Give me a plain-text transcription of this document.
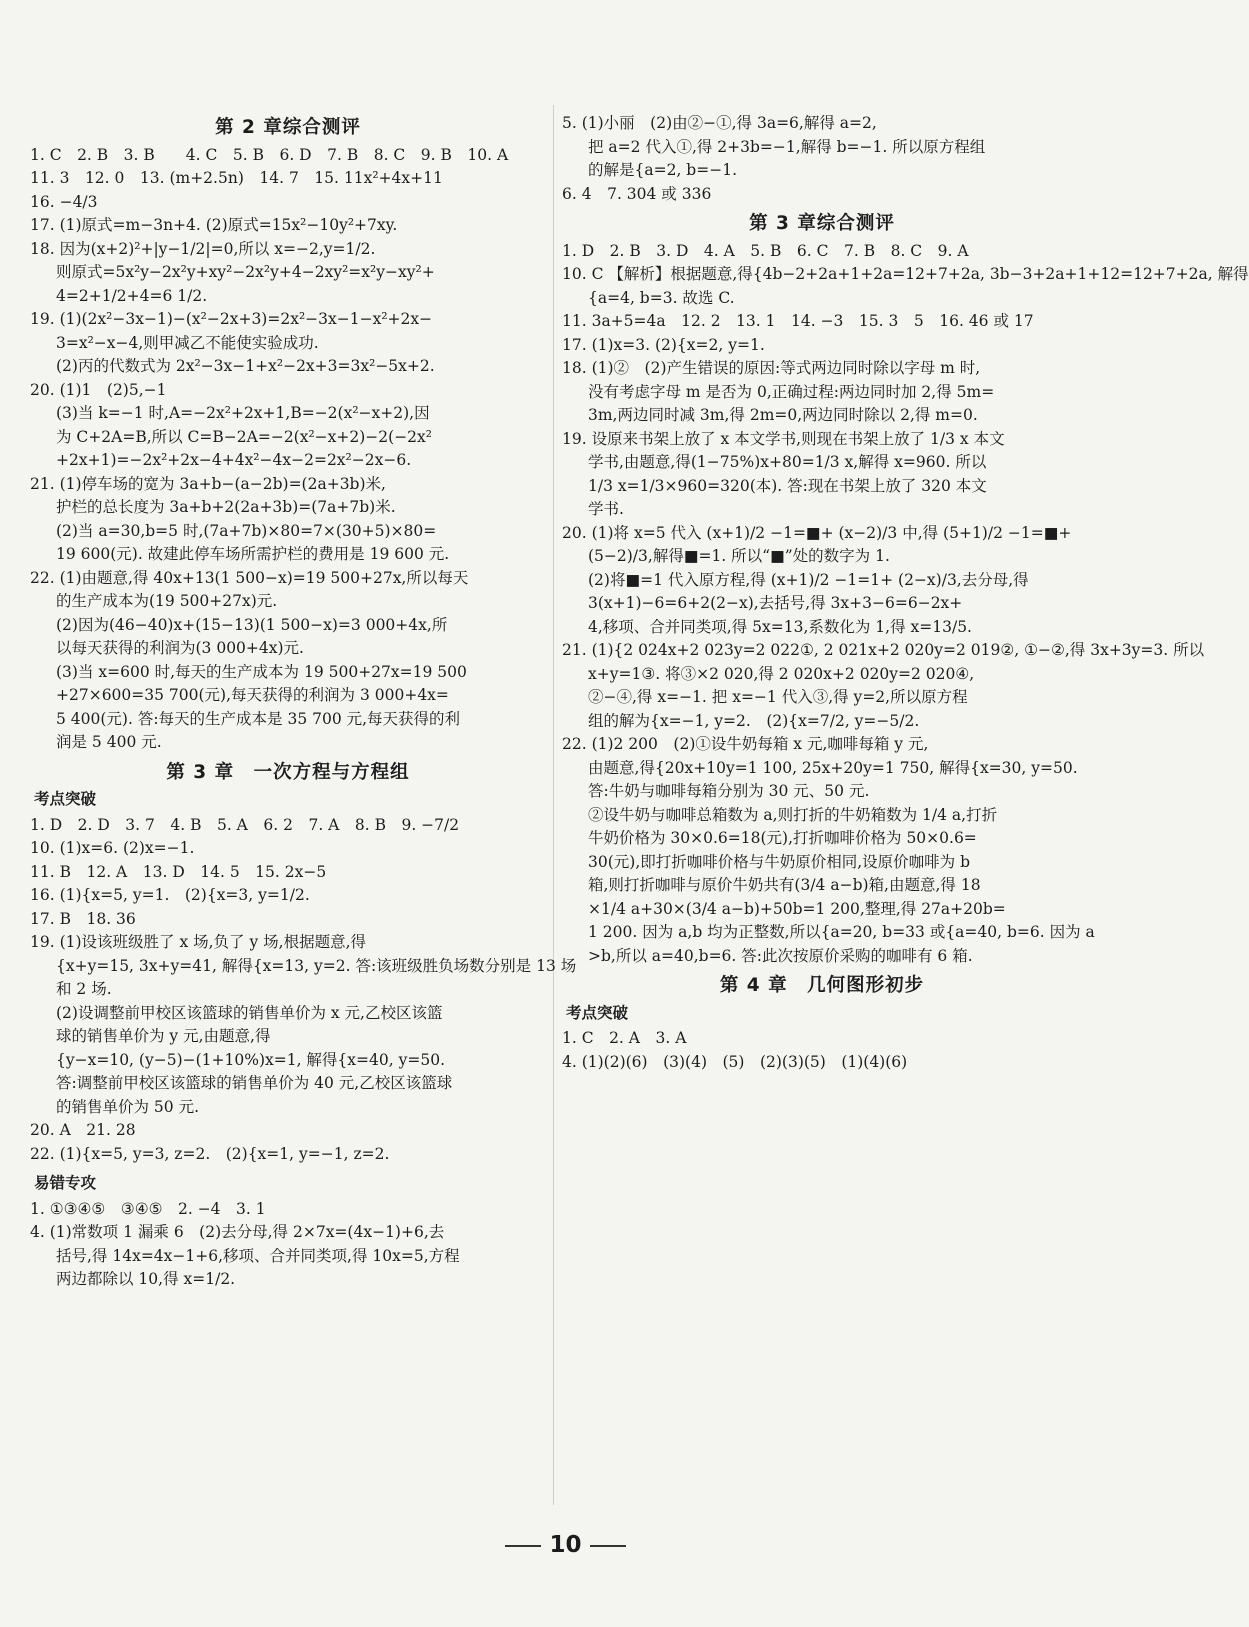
第 2 章综合测评
1. C　2. B　3. B　　4. C　5. B　6. D　7. B　8. C　9. B　10. A
11. 3　12. 0　13. (m+2.5n)　14. 7　15. 11x²+4x+11
16. −4/3
17. (1)原式=m−3n+4. (2)原式=15x²−10y²+7xy.
18. 因为(x+2)²+|y−1/2|=0,所以 x=−2,y=1/2.
则原式=5x²y−2x²y+xy²−2x²y+4−2xy²=x²y−xy²+
4=2+1/2+4=6 1/2.
19. (1)(2x²−3x−1)−(x²−2x+3)=2x²−3x−1−x²+2x−
3=x²−x−4,则甲减乙不能使实验成功.
(2)丙的代数式为 2x²−3x−1+x²−2x+3=3x²−5x+2.
20. (1)1　(2)5,−1
(3)当 k=−1 时,A=−2x²+2x+1,B=−2(x²−x+2),因
为 C+2A=B,所以 C=B−2A=−2(x²−x+2)−2(−2x²
+2x+1)=−2x²+2x−4+4x²−4x−2=2x²−2x−6.
21. (1)停车场的宽为 3a+b−(a−2b)=(2a+3b)米,
护栏的总长度为 3a+b+2(2a+3b)=(7a+7b)米.
(2)当 a=30,b=5 时,(7a+7b)×80=7×(30+5)×80=
19 600(元). 故建此停车场所需护栏的费用是 19 600 元.
22. (1)由题意,得 40x+13(1 500−x)=19 500+27x,所以每天
的生产成本为(19 500+27x)元.
(2)因为(46−40)x+(15−13)(1 500−x)=3 000+4x,所
以每天获得的利润为(3 000+4x)元.
(3)当 x=600 时,每天的生产成本为 19 500+27x=19 500
+27×600=35 700(元),每天获得的利润为 3 000+4x=
5 400(元). 答:每天的生产成本是 35 700 元,每天获得的利
润是 5 400 元.
第 3 章　一次方程与方程组
考点突破
1. D　2. D　3. 7　4. B　5. A　6. 2　7. A　8. B　9. −7/2
10. (1)x=6. (2)x=−1.
11. B　12. A　13. D　14. 5　15. 2x−5
16. (1){x=5, y=1.　(2){x=3, y=1/2.
17. B　18. 36
19. (1)设该班级胜了 x 场,负了 y 场,根据题意,得
{x+y=15, 3x+y=41, 解得{x=13, y=2. 答:该班级胜负场数分别是 13 场
和 2 场.
(2)设调整前甲校区该篮球的销售单价为 x 元,乙校区该篮
球的销售单价为 y 元,由题意,得
{y−x=10, (y−5)−(1+10%)x=1, 解得{x=40, y=50.
答:调整前甲校区该篮球的销售单价为 40 元,乙校区该篮球
的销售单价为 50 元.
20. A　21. 28
22. (1){x=5, y=3, z=2.　(2){x=1, y=−1, z=2.
易错专攻
1. ①③④⑤　③④⑤　2. −4　3. 1
4. (1)常数项 1 漏乘 6　(2)去分母,得 2×7x=(4x−1)+6,去
括号,得 14x=4x−1+6,移项、合并同类项,得 10x=5,方程
两边都除以 10,得 x=1/2.
5. (1)小丽　(2)由②−①,得 3a=6,解得 a=2,
把 a=2 代入①,得 2+3b=−1,解得 b=−1. 所以原方程组
的解是{a=2, b=−1.
6. 4　7. 304 或 336
第 3 章综合测评
1. D　2. B　3. D　4. A　5. B　6. C　7. B　8. C　9. A
10. C 【解析】根据题意,得{4b−2+2a+1+2a=12+7+2a, 3b−3+2a+1+12=12+7+2a, 解得
{a=4, b=3. 故选 C.
11. 3a+5=4a　12. 2　13. 1　14. −3　15. 3　5　16. 46 或 17
17. (1)x=3. (2){x=2, y=1.
18. (1)②　(2)产生错误的原因:等式两边同时除以字母 m 时,
没有考虑字母 m 是否为 0,正确过程:两边同时加 2,得 5m=
3m,两边同时减 3m,得 2m=0,两边同时除以 2,得 m=0.
19. 设原来书架上放了 x 本文学书,则现在书架上放了 1/3 x 本文
学书,由题意,得(1−75%)x+80=1/3 x,解得 x=960. 所以
1/3 x=1/3×960=320(本). 答:现在书架上放了 320 本文
学书.
20. (1)将 x=5 代入 (x+1)/2 −1=■+ (x−2)/3 中,得 (5+1)/2 −1=■+
(5−2)/3,解得■=1. 所以“■”处的数字为 1.
(2)将■=1 代入原方程,得 (x+1)/2 −1=1+ (2−x)/3,去分母,得
3(x+1)−6=6+2(2−x),去括号,得 3x+3−6=6−2x+
4,移项、合并同类项,得 5x=13,系数化为 1,得 x=13/5.
21. (1){2 024x+2 023y=2 022①, 2 021x+2 020y=2 019②, ①−②,得 3x+3y=3. 所以
x+y=1③. 将③×2 020,得 2 020x+2 020y=2 020④,
②−④,得 x=−1. 把 x=−1 代入③,得 y=2,所以原方程
组的解为{x=−1, y=2.　(2){x=7/2, y=−5/2.
22. (1)2 200　(2)①设牛奶每箱 x 元,咖啡每箱 y 元,
由题意,得{20x+10y=1 100, 25x+20y=1 750, 解得{x=30, y=50.
答:牛奶与咖啡每箱分别为 30 元、50 元.
②设牛奶与咖啡总箱数为 a,则打折的牛奶箱数为 1/4 a,打折
牛奶价格为 30×0.6=18(元),打折咖啡价格为 50×0.6=
30(元),即打折咖啡价格与牛奶原价相同,设原价咖啡为 b
箱,则打折咖啡与原价牛奶共有(3/4 a−b)箱,由题意,得 18
×1/4 a+30×(3/4 a−b)+50b=1 200,整理,得 27a+20b=
1 200. 因为 a,b 均为正整数,所以{a=20, b=33 或{a=40, b=6. 因为 a
>b,所以 a=40,b=6. 答:此次按原价采购的咖啡有 6 箱.
第 4 章　几何图形初步
考点突破
1. C　2. A　3. A
4. (1)(2)(6)　(3)(4)　(5)　(2)(3)(5)　(1)(4)(6)
10
